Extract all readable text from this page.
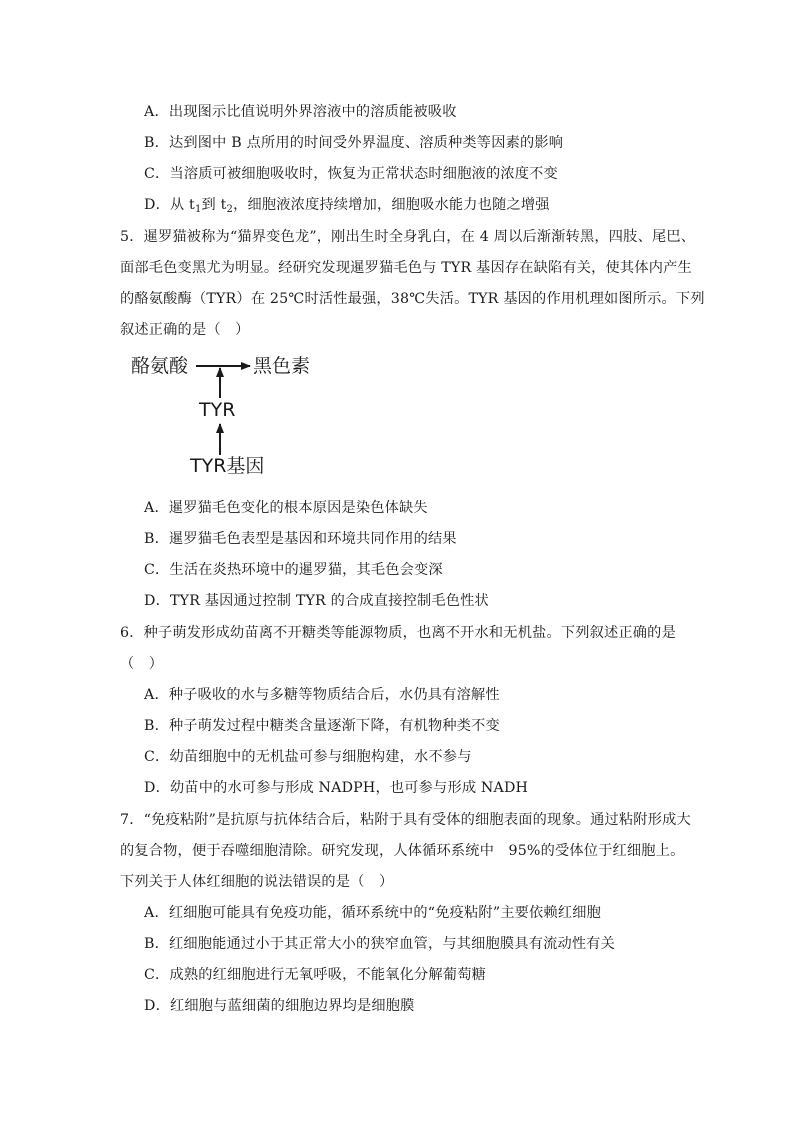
A．出现图示比值说明外界溶液中的溶质能被吸收
B．达到图中 B 点所用的时间受外界温度、溶质种类等因素的影响
C．当溶质可被细胞吸收时，恢复为正常状态时细胞液的浓度不变
D．从 $t_1$到 $t_2$，细胞液浓度持续增加，细胞吸水能力也随之增强
5．暹罗猫被称为“猫界变色龙”，刚出生时全身乳白，在 4 周以后渐渐转黑，四肢、尾巴、
面部毛色变黑尤为明显。经研究发现暹罗猫毛色与 TYR 基因存在缺陷有关，使其体内产生
的酪氨酸酶（TYR）在 25℃时活性最强，38℃失活。TYR 基因的作用机理如图所示。下列
叙述正确的是（　）
酪氨酸	黑色素
TYR
TYR基因
A．暹罗猫毛色变化的根本原因是染色体缺失
B．暹罗猫毛色表型是基因和环境共同作用的结果
C．生活在炎热环境中的暹罗猫，其毛色会变深
D．TYR 基因通过控制 TYR 的合成直接控制毛色性状
6．种子萌发形成幼苗离不开糖类等能源物质，也离不开水和无机盐。下列叙述正确的是
（　）
A．种子吸收的水与多糖等物质结合后，水仍具有溶解性
B．种子萌发过程中糖类含量逐渐下降，有机物种类不变
C．幼苗细胞中的无机盐可参与细胞构建，水不参与
D．幼苗中的水可参与形成 NADPH，也可参与形成 NADH
7．“免疫粘附”是抗原与抗体结合后，粘附于具有受体的细胞表面的现象。通过粘附形成大
的复合物，便于吞噬细胞清除。研究发现，人体循环系统中　95%的受体位于红细胞上。
下列关于人体红细胞的说法错误的是（　）
A．红细胞可能具有免疫功能，循环系统中的“免疫粘附”主要依赖红细胞
B．红细胞能通过小于其正常大小的狭窄血管，与其细胞膜具有流动性有关
C．成熟的红细胞进行无氧呼吸，不能氧化分解葡萄糖
D．红细胞与蓝细菌的细胞边界均是细胞膜
